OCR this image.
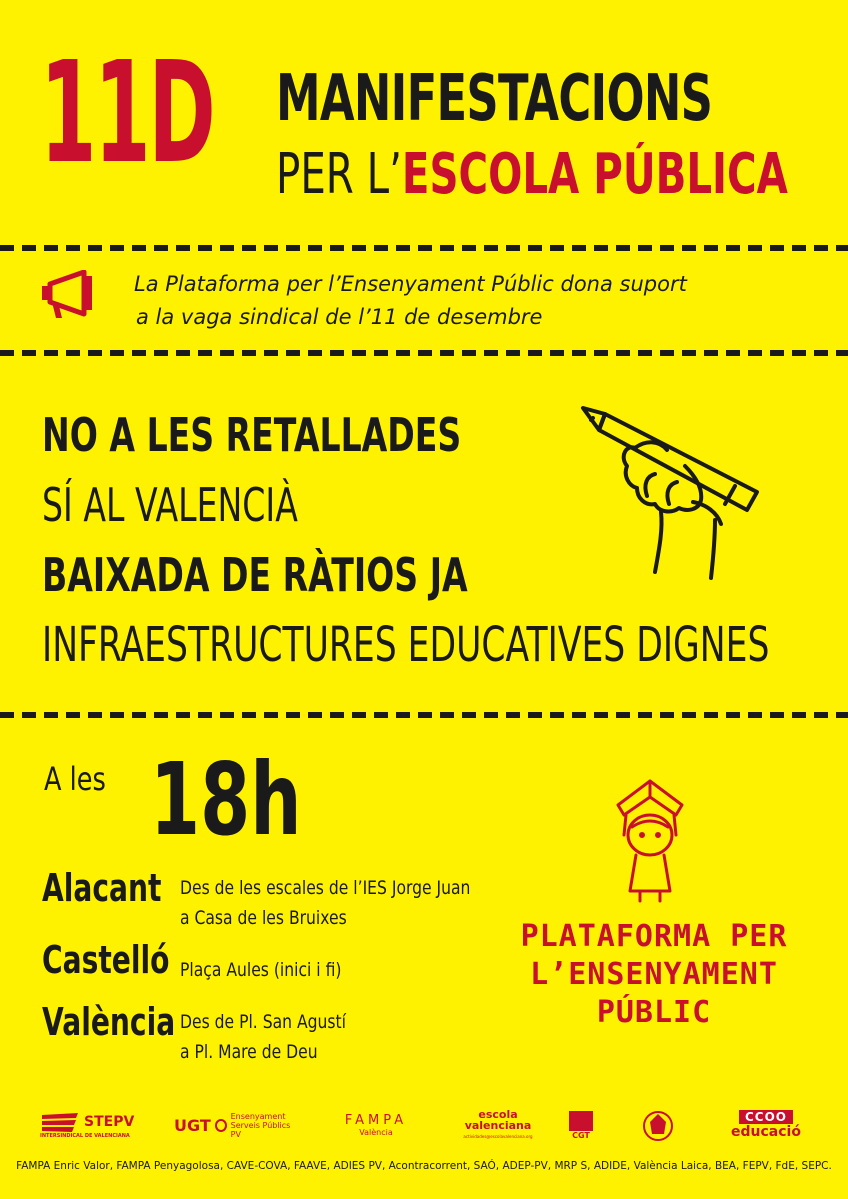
11D MANIFESTACIONS
PER L’ESCOLA PÚBLICA
La Plataforma per l’Ensenyament Públic dona suport
a la vaga sindical de l’11 de desembre
NO A LES RETALLADES
SÍ AL VALENCIÀ
BAIXADA DE RÀTIOS JA
INFRAESTRUCTURES EDUCATIVES DIGNES
A les 18h
Alacant Des de les escales de l’IES Jorge Juan
a Casa de les Bruixes
Castelló Plaça Aules (inici i fi)
València Des de Pl. San Agustí
a Pl. Mare de Deu
PLATAFORMA PER
L’ENSENYAMENT
PÚBLIC
STEPV
INTERSINDICAL DE VALENCIANA
UGT Ensenyament
Serveis Públics PV
FAMPA
València
escola
valenciana
actividades@escolavalenciana.org	CGT
CCOO
educació
FAMPA Enric Valor, FAMPA Penyagolosa, CAVE-COVA, FAAVE, ADIES PV, Acontracorrent, SAÓ, ADEP-PV, MRP S, ADIDE, València Laica, BEA, FEPV, FdE, SEPC.
